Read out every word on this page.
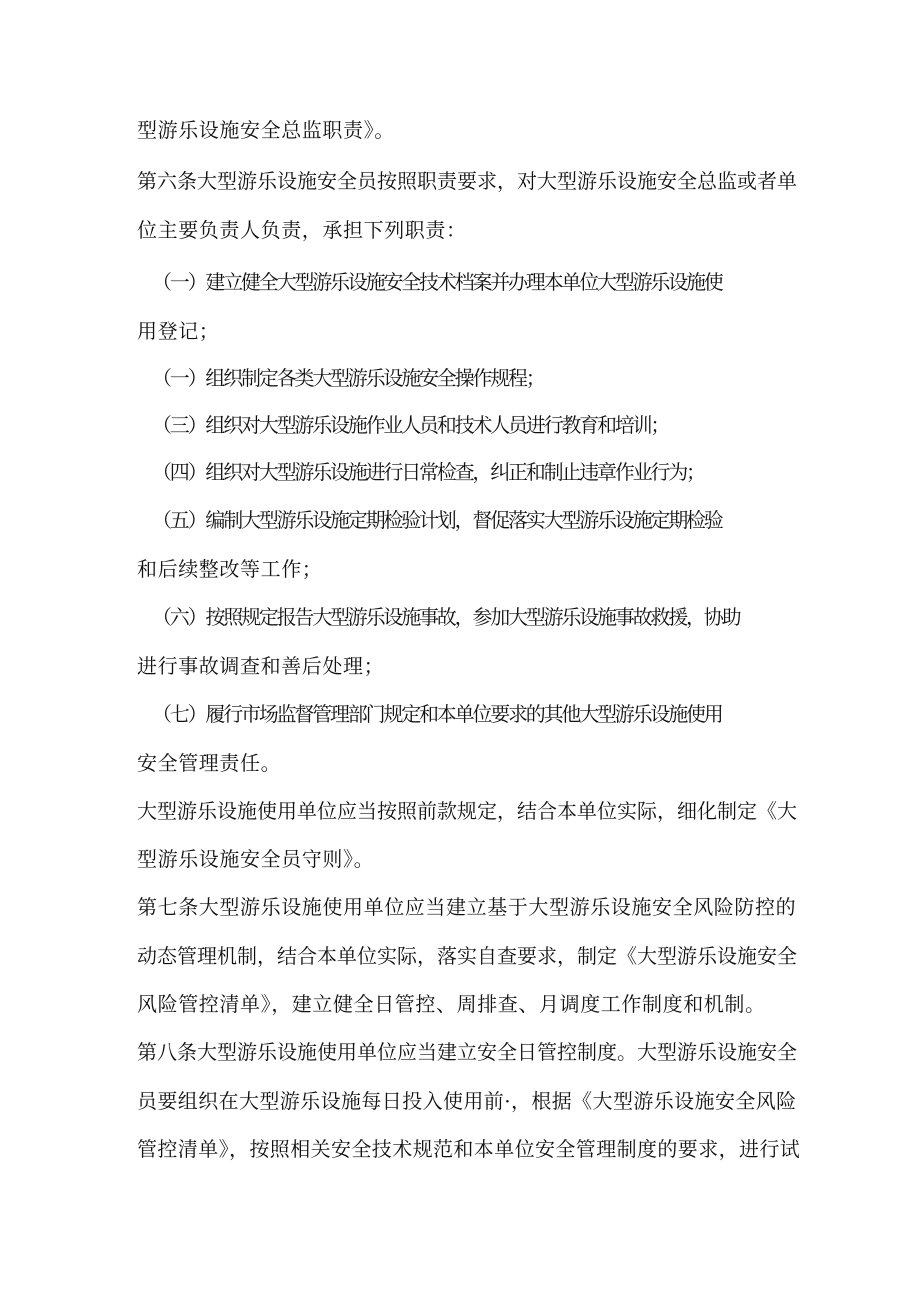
型游乐设施安全总监职责》。
第六条大型游乐设施安全员按照职责要求，对大型游乐设施安全总监或者单
位主要负责人负责，承担下列职责：
（一）建立健全大型游乐设施安全技术档案并办理本单位大型游乐设施使
用登记；
（一）组织制定各类大型游乐设施安全操作规程；
（三）组织对大型游乐设施作业人员和技术人员进行教育和培训；
（四）组织对大型游乐设施进行日常检查，纠正和制止违章作业行为；
（五）编制大型游乐设施定期检验计划，督促落实大型游乐设施定期检验
和后续整改等工作；
（六）按照规定报告大型游乐设施事故，参加大型游乐设施事故救援，协助
进行事故调查和善后处理；
（七）履行市场监督管理部门规定和本单位要求的其他大型游乐设施使用
安全管理责任。
大型游乐设施使用单位应当按照前款规定，结合本单位实际，细化制定《大
型游乐设施安全员守则》。
第七条大型游乐设施使用单位应当建立基于大型游乐设施安全风险防控的
动态管理机制，结合本单位实际，落实自查要求，制定《大型游乐设施安全
风险管控清单》，建立健全日管控、周排查、月调度工作制度和机制。
第八条大型游乐设施使用单位应当建立安全日管控制度。大型游乐设施安全
员要组织在大型游乐设施每日投入使用前·，根据《大型游乐设施安全风险
管控清单》，按照相关安全技术规范和本单位安全管理制度的要求，进行试
